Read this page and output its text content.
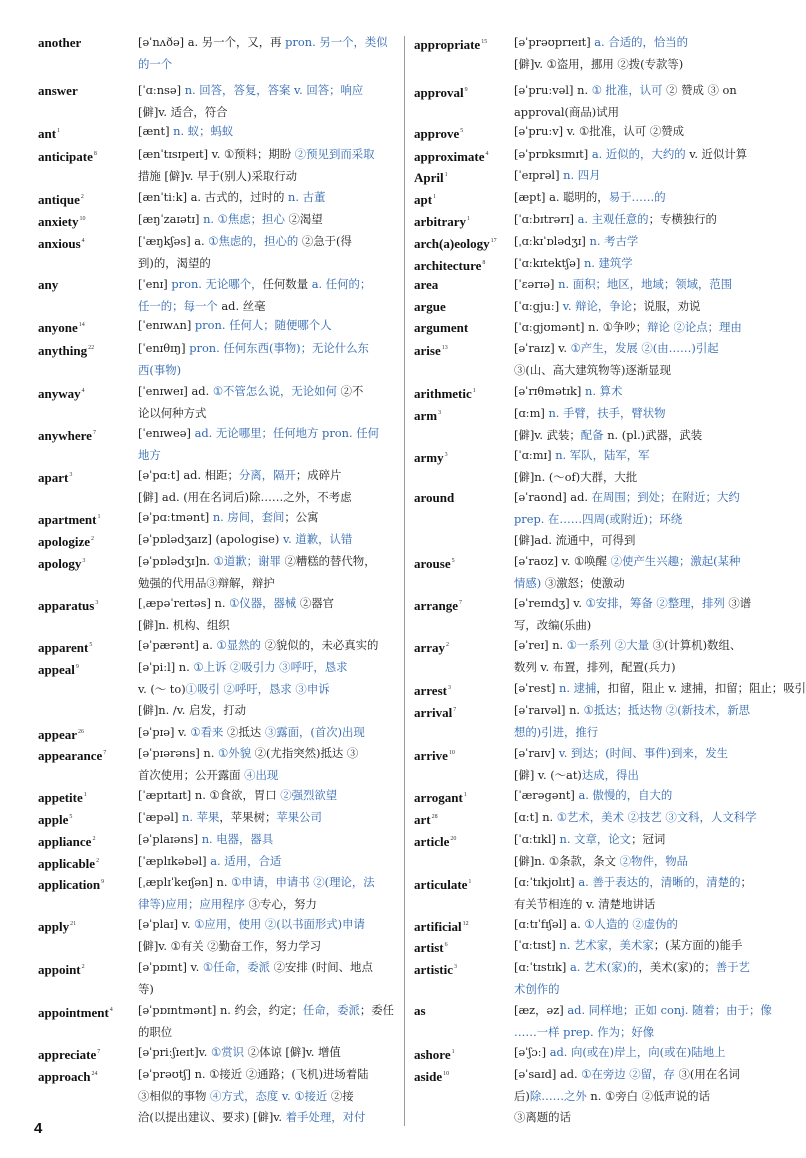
another	[əˈnʌðə] a. 另一个，又，再 pron. 另一个，类似
的一个
answer	[ˈɑːnsə] n. 回答，答复，答案 v. 回答；响应
[僻]v. 适合，符合
ant$^1$	[ænt] n. 蚁；蚂蚁
anticipate$^8$	[ænˈtɪsɪpeɪt] v. ①预料；期盼 ②预见到而采取
措施 [僻]v. 早于(别人)采取行动
antique$^2$	[ænˈtiːk] a. 古式的，过时的 n. 古董
anxiety$^{10}$	[æŋˈzaɪətɪ] n. ①焦虑；担心 ②渴望
anxious$^4$	[ˈæŋkʃəs] a. ①焦虑的，担心的 ②急于(得
到)的，渴望的
any	[ˈenɪ] pron. 无论哪个，任何数量 a. 任何的；
任一的；每一个 ad. 丝毫
anyone$^{14}$	[ˈenɪwʌn] pron. 任何人；随便哪个人
anything$^{22}$	[ˈenɪθɪŋ] pron. 任何东西(事物)；无论什么东
西(事物)
anyway$^4$	[ˈenɪweɪ] ad. ①不管怎么说，无论如何 ②不
论以何种方式
anywhere$^7$	[ˈenɪweə] ad. 无论哪里；任何地方 pron. 任何
地方
apart$^3$	[əˈpɑːt] ad. 相距；分离，隔开；成碎片
[僻] ad. (用在名词后)除……之外，不考虑
apartment$^1$	[əˈpɑːtmənt] n. 房间，套间；公寓
apologize$^2$	[əˈpɒlədʒaɪz] (apologise) v. 道歉，认错
apology$^3$	[əˈpɒlədʒɪ]n. ①道歉；谢罪 ②糟糕的替代物，
勉强的代用品③辩解，辩护
apparatus$^3$	[ˌæpəˈreɪtəs] n. ①仪器，器械 ②器官
[僻]n. 机构、组织
apparent$^5$	[əˈpærənt] a. ①显然的 ②貌似的，未必真实的
appeal$^9$	[əˈpiːl] n. ①上诉 ②吸引力 ③呼吁，恳求
v. (～ to)①吸引 ②呼吁，恳求 ③申诉
[僻]n. /v. 启发，打动
appear$^{26}$	[əˈpɪə] v. ①看来 ②抵达 ③露面，(首次)出现
appearance$^7$	[əˈpɪərəns] n. ①外貌 ②(尤指突然)抵达 ③
首次使用；公开露面 ④出现
appetite$^1$	[ˈæpɪtaɪt] n. ①食欲，胃口 ②强烈欲望
apple$^5$	[ˈæpəl] n. 苹果，苹果树；苹果公司
appliance$^2$	[əˈplaɪəns] n. 电器，器具
applicable$^2$	[ˈæplɪkəbəl] a. 适用，合适
application$^9$	[ˌæplɪˈkeɪʃən] n. ①申请，申请书 ②(理论，法
律等)应用；应用程序 ③专心，努力
apply$^{21}$	[əˈplaɪ] v. ①应用，使用 ②(以书面形式)申请
[僻]v. ①有关 ②勤奋工作，努力学习
appoint$^2$	[əˈpɒɪnt] v. ①任命，委派 ②安排 (时间、地点
等)
appointment$^4$ [əˈpɒɪntmənt] n. 约会，约定；任命，委派；委任
的职位
appreciate$^7$	[əˈpriːʃɪeɪt]v. ①赏识 ②体谅 [僻]v. 增值
approach$^{24}$	[əˈprəʊtʃ] n. ①接近 ②通路；(飞机)进场着陆
③相似的事物 ④方式，态度 v. ①接近 ②接
洽(以提出建议、要求) [僻]v. 着手处理，对付
appropriate$^{15}$ [əˈprəʊprɪeɪt] a. 合适的，恰当的
[僻]v. ①盗用，挪用 ②拨(专款等)
approval$^9$	[əˈpruːvəl] n. ① 批准，认可 ② 赞成 ③ on
approval(商品)试用
approve$^5$	[əˈpruːv] v. ①批准，认可 ②赞成
approximate$^4$ [əˈprɒksɪmɪt] a. 近似的，大约的 v. 近似计算
April$^1$	[ˈeɪprəl] n. 四月
apt$^1$	[æpt] a. 聪明的，易于……的
arbitrary$^1$	[ˈɑːbɪtrərɪ] a. 主观任意的；专横独行的
arch(a)eology$^{17}$ [ˌɑːkɪˈɒlədʒɪ] n. 考古学
architecture$^8$	[ˈɑːkɪtektʃə] n. 建筑学
area	[ˈɛərɪə] n. 面积；地区，地域；领域，范围
argue	[ˈɑːgjuː] v. 辩论，争论；说服，劝说
argument	[ˈɑːgjʊmənt] n. ①争吵；辩论 ②论点；理由
arise$^{13}$	[əˈraɪz] v. ①产生，发展 ②(由……)引起
③(山、高大建筑物等)逐渐显现
arithmetic$^1$	[əˈrɪθmətɪk] n. 算术
arm$^3$	[ɑːm] n. 手臂，扶手，臂状物
[僻]v. 武装；配备 n. (pl.)武器，武装
army$^3$	[ˈɑːmɪ] n. 军队，陆军，军
[僻]n. (～of)大群，大批
around	[əˈraʊnd] ad. 在周围；到处；在附近；大约
prep. 在……四周(或附近)；环绕
[僻]ad. 流通中，可得到
arouse$^5$	[əˈraʊz] v. ①唤醒 ②使产生兴趣；激起(某种
情感) ③激怒；使激动
arrange$^7$	[əˈreɪndʒ] v. ①安排，筹备 ②整理，排列 ③谱
写，改编(乐曲)
array$^2$	[əˈreɪ] n. ①一系列 ②大量 ③(计算机)数组、
数列 v. 布置，排列，配置(兵力)
arrest$^3$	[əˈrest] n. 逮捕，扣留，阻止 v. 逮捕，扣留；阻止；吸引
arrival$^7$	[əˈraɪvəl] n. ①抵达；抵达物 ②(新技术，新思
想的)引进，推行
arrive$^{10}$	[əˈraɪv] v. 到达；(时间、事件)到来，发生
[僻] v. (～at)达成，得出
arrogant$^1$	[ˈærəgənt] a. 傲慢的，自大的
art$^{28}$	[ɑːt] n. ①艺术，美术 ②技艺 ③文科，人文科学
article$^{20}$	[ˈɑːtɪkl] n. 文章，论文；冠词
[僻]n. ①条款，条文 ②物件，物品
articulate$^1$	[ɑːˈtɪkjʊlɪt] a. 善于表达的，清晰的，清楚的；
有关节相连的 v. 清楚地讲话
artificial$^{12}$	[ɑːtɪˈfɪʃəl] a. ①人造的 ②虚伪的
artist$^6$	[ˈɑːtɪst] n. 艺术家，美术家；(某方面的)能手
artistic$^3$	[ɑːˈtɪstɪk] a. 艺术(家)的，美术(家)的；善于艺
术创作的
as	[æz，əz] ad. 同样地；正如 conj. 随着；由于；像
……一样 prep. 作为；好像
ashore$^1$	[əˈʃɔː] ad. 向(或在)岸上，向(或在)陆地上
aside$^{10}$	[əˈsaɪd] ad. ①在旁边 ②留，存 ③(用在名词
后)除……之外 n. ①旁白 ②低声说的话
③离题的话
4
